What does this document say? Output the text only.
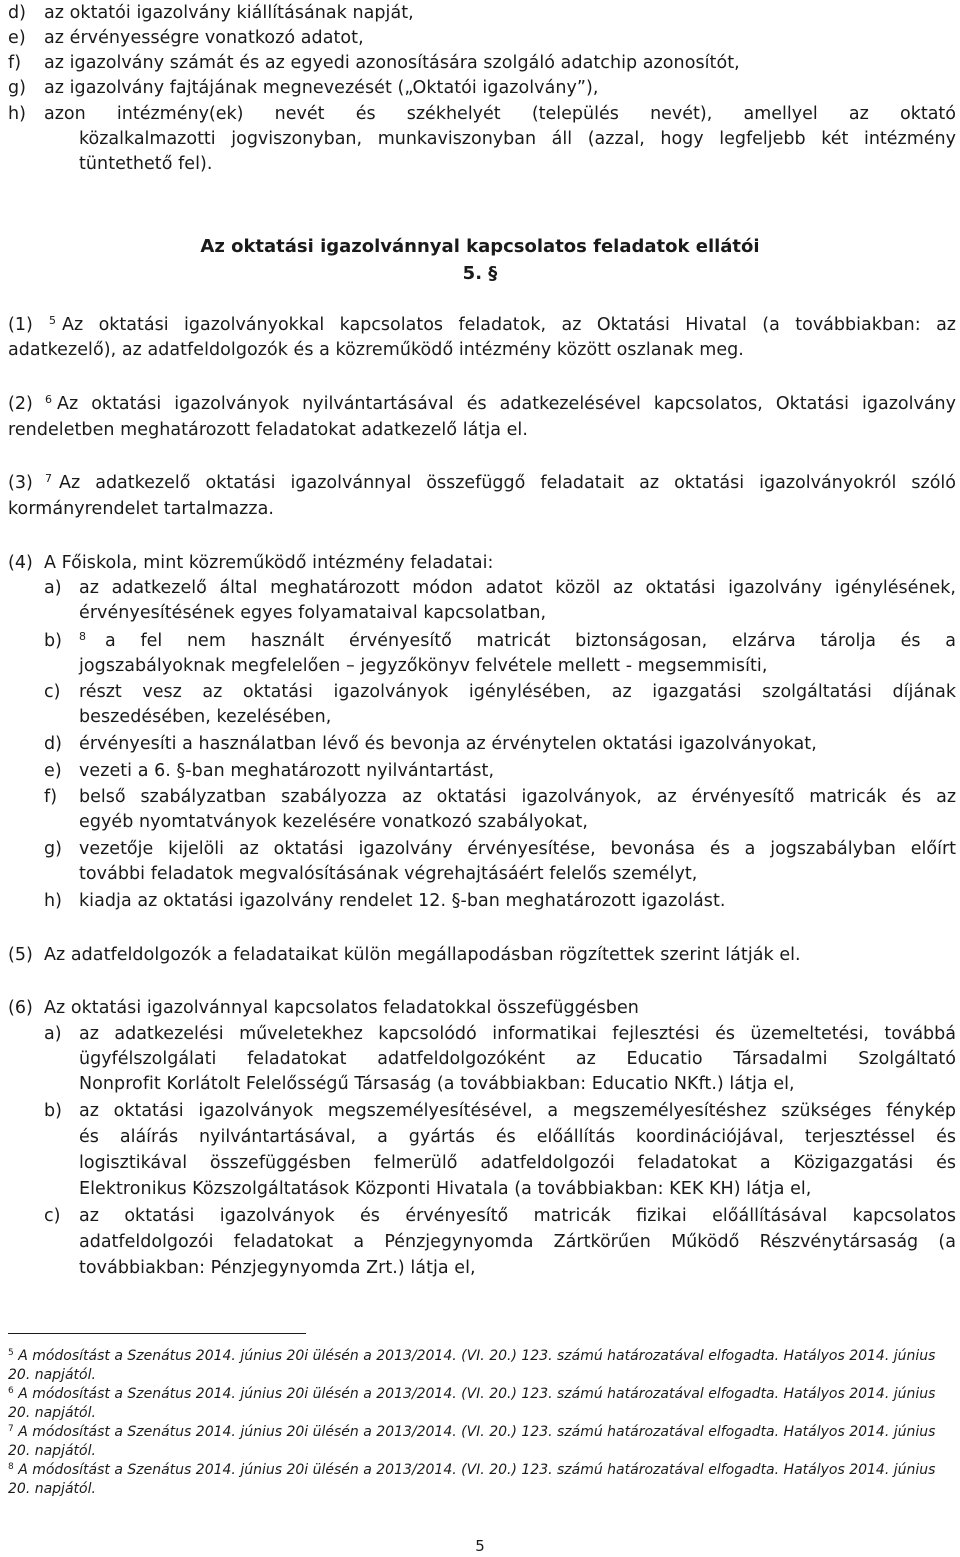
d) az oktatói igazolvány kiállításának napját,
e) az érvényességre vonatkozó adatot,
f) az igazolvány számát és az egyedi azonosítására szolgáló adatchip azonosítót,
g) az igazolvány fajtájának megnevezését („Oktatói igazolvány”),
h) azon intézmény(ek) nevét és székhelyét (település nevét), amellyel az oktató
közalkalmazotti jogviszonyban, munkaviszonyban áll (azzal, hogy legfeljebb két intézmény
tüntethető fel).
Az oktatási igazolvánnyal kapcsolatos feladatok ellátói
5. §
(1) $^5$ Az oktatási igazolványokkal kapcsolatos feladatok, az Oktatási Hivatal (a továbbiakban: az
adatkezelő), az adatfeldolgozók és a közreműködő intézmény között oszlanak meg.
(2) $^6$ Az oktatási igazolványok nyilvántartásával és adatkezelésével kapcsolatos, Oktatási igazolvány
rendeletben meghatározott feladatokat adatkezelő látja el.
(3) $^7$ Az adatkezelő oktatási igazolvánnyal összefüggő feladatait az oktatási igazolványokról szóló
kormányrendelet tartalmazza.
(4) A Főiskola, mint közreműködő intézmény feladatai:
a) az adatkezelő által meghatározott módon adatot közöl az oktatási igazolvány igénylésének,
érvényesítésének egyes folyamataival kapcsolatban,
b) $^8$ a fel nem használt érvényesítő matricát biztonságosan, elzárva tárolja és a
jogszabályoknak megfelelően – jegyzőkönyv felvétele mellett - megsemmisíti,
c) részt vesz az oktatási igazolványok igénylésében, az igazgatási szolgáltatási díjának
beszedésében, kezelésében,
d) érvényesíti a használatban lévő és bevonja az érvénytelen oktatási igazolványokat,
e) vezeti a 6. §-ban meghatározott nyilvántartást,
f) belső szabályzatban szabályozza az oktatási igazolványok, az érvényesítő matricák és az
egyéb nyomtatványok kezelésére vonatkozó szabályokat,
g) vezetője kijelöli az oktatási igazolvány érvényesítése, bevonása és a jogszabályban előírt
további feladatok megvalósításának végrehajtásáért felelős személyt,
h) kiadja az oktatási igazolvány rendelet 12. §-ban meghatározott igazolást.
(5) Az adatfeldolgozók a feladataikat külön megállapodásban rögzítettek szerint látják el.
(6) Az oktatási igazolvánnyal kapcsolatos feladatokkal összefüggésben
a) az adatkezelési műveletekhez kapcsolódó informatikai fejlesztési és üzemeltetési, továbbá
ügyfélszolgálati feladatokat adatfeldolgozóként az Educatio Társadalmi Szolgáltató
Nonprofit Korlátolt Felelősségű Társaság (a továbbiakban: Educatio NKft.) látja el,
b) az oktatási igazolványok megszemélyesítésével, a megszemélyesítéshez szükséges fénykép
és aláírás nyilvántartásával, a gyártás és előállítás koordinációjával, terjesztéssel és
logisztikával összefüggésben felmerülő adatfeldolgozói feladatokat a Közigazgatási és
Elektronikus Közszolgáltatások Központi Hivatala (a továbbiakban: KEK KH) látja el,
c) az oktatási igazolványok és érvényesítő matricák fizikai előállításával kapcsolatos
adatfeldolgozói feladatokat a Pénzjegynyomda Zártkörűen Működő Részvénytársaság (a
továbbiakban: Pénzjegynyomda Zrt.) látja el,
$^5$ A módosítást a Szenátus 2014. június 20i ülésén a 2013/2014. (VI. 20.) 123. számú határozatával elfogadta. Hatályos 2014. június 20. napjától.
$^6$ A módosítást a Szenátus 2014. június 20i ülésén a 2013/2014. (VI. 20.) 123. számú határozatával elfogadta. Hatályos 2014. június 20. napjától.
$^7$ A módosítást a Szenátus 2014. június 20i ülésén a 2013/2014. (VI. 20.) 123. számú határozatával elfogadta. Hatályos 2014. június 20. napjától.
$^8$ A módosítást a Szenátus 2014. június 20i ülésén a 2013/2014. (VI. 20.) 123. számú határozatával elfogadta. Hatályos 2014. június 20. napjától.
5
